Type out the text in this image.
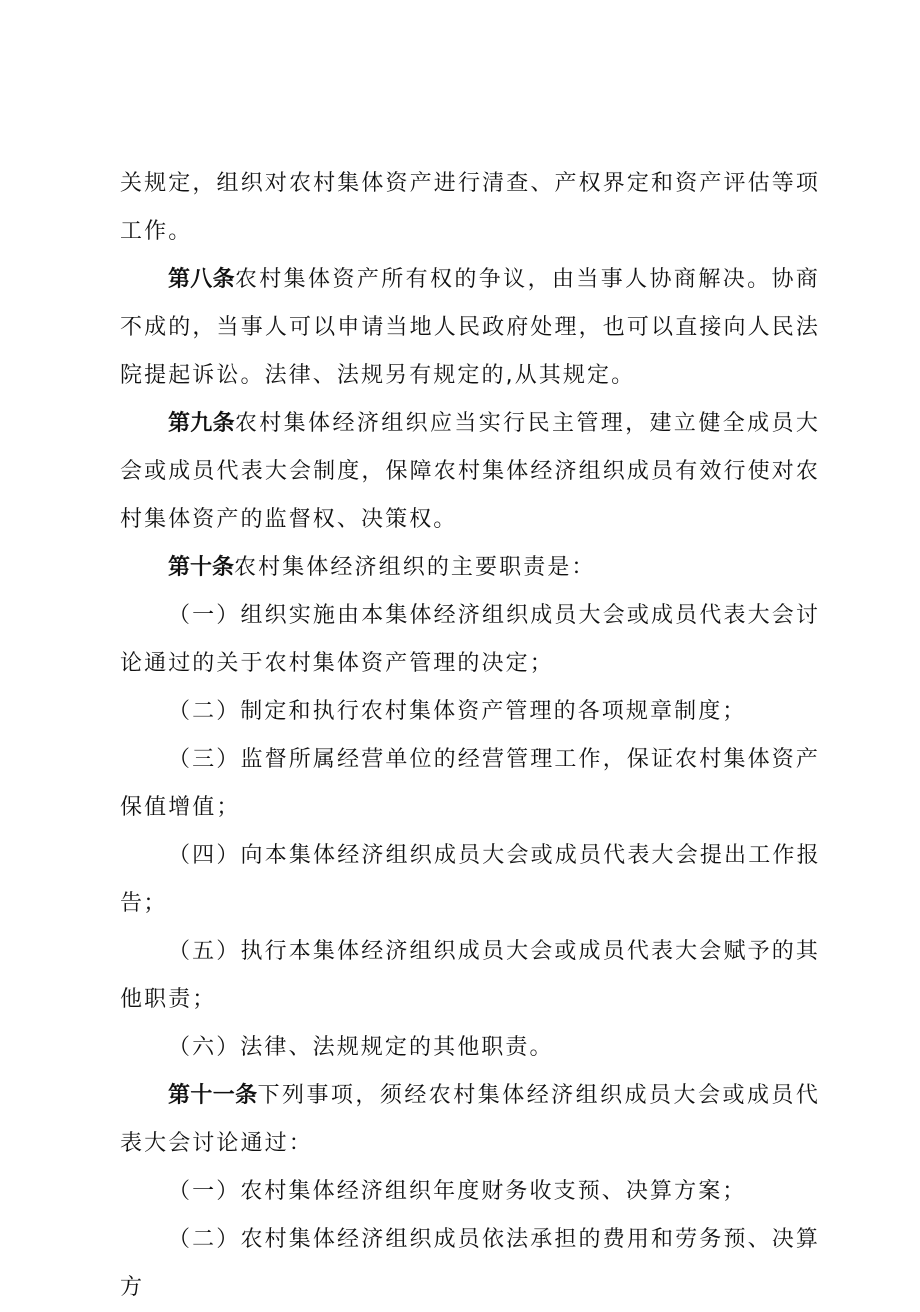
关规定，组织对农村集体资产进行清查、产权界定和资产评估等项工作。

第八条农村集体资产所有权的争议，由当事人协商解决。协商不成的，当事人可以申请当地人民政府处理，也可以直接向人民法院提起诉讼。法律、法规另有规定的,从其规定。

第九条农村集体经济组织应当实行民主管理，建立健全成员大会或成员代表大会制度，保障农村集体经济组织成员有效行使对农村集体资产的监督权、决策权。

第十条农村集体经济组织的主要职责是：

（一）组织实施由本集体经济组织成员大会或成员代表大会讨论通过的关于农村集体资产管理的决定；

（二）制定和执行农村集体资产管理的各项规章制度；

（三）监督所属经营单位的经营管理工作，保证农村集体资产保值增值；

（四）向本集体经济组织成员大会或成员代表大会提出工作报告；

（五）执行本集体经济组织成员大会或成员代表大会赋予的其他职责；

（六）法律、法规规定的其他职责。

第十一条下列事项，须经农村集体经济组织成员大会或成员代表大会讨论通过：

（一）农村集体经济组织年度财务收支预、决算方案；

（二）农村集体经济组织成员依法承担的费用和劳务预、决算方
